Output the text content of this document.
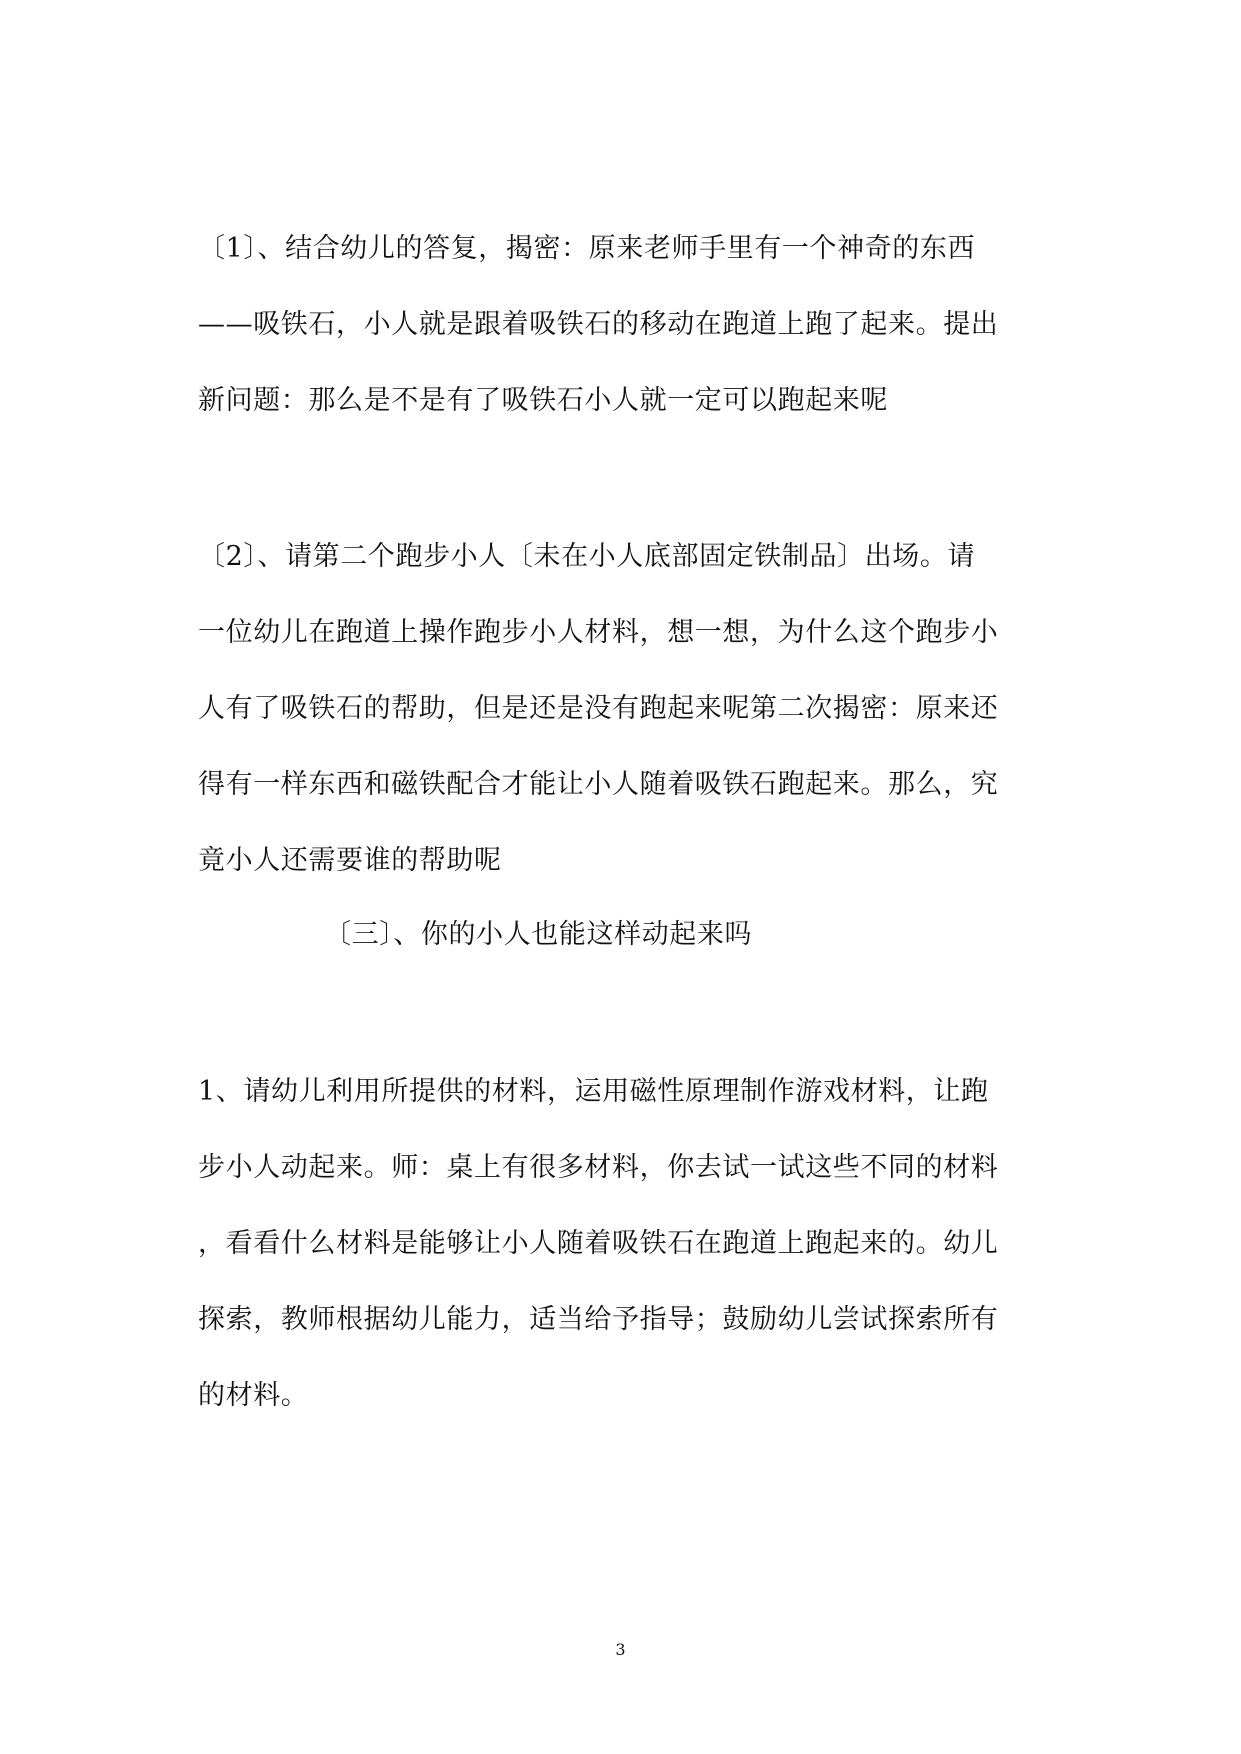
〔1〕、结合幼儿的答复，揭密：原来老师手里有一个神奇的东西
——吸铁石，小人就是跟着吸铁石的移动在跑道上跑了起来。提出
新问题：那么是不是有了吸铁石小人就一定可以跑起来呢
〔2〕、请第二个跑步小人〔未在小人底部固定铁制品〕出场。请
一位幼儿在跑道上操作跑步小人材料，想一想，为什么这个跑步小
人有了吸铁石的帮助，但是还是没有跑起来呢第二次揭密：原来还
得有一样东西和磁铁配合才能让小人随着吸铁石跑起来。那么，究
竟小人还需要谁的帮助呢
〔三〕、你的小人也能这样动起来吗
1、请幼儿利用所提供的材料，运用磁性原理制作游戏材料，让跑
步小人动起来。师：桌上有很多材料，你去试一试这些不同的材料
，看看什么材料是能够让小人随着吸铁石在跑道上跑起来的。幼儿
探索，教师根据幼儿能力，适当给予指导；鼓励幼儿尝试探索所有
的材料。
3
